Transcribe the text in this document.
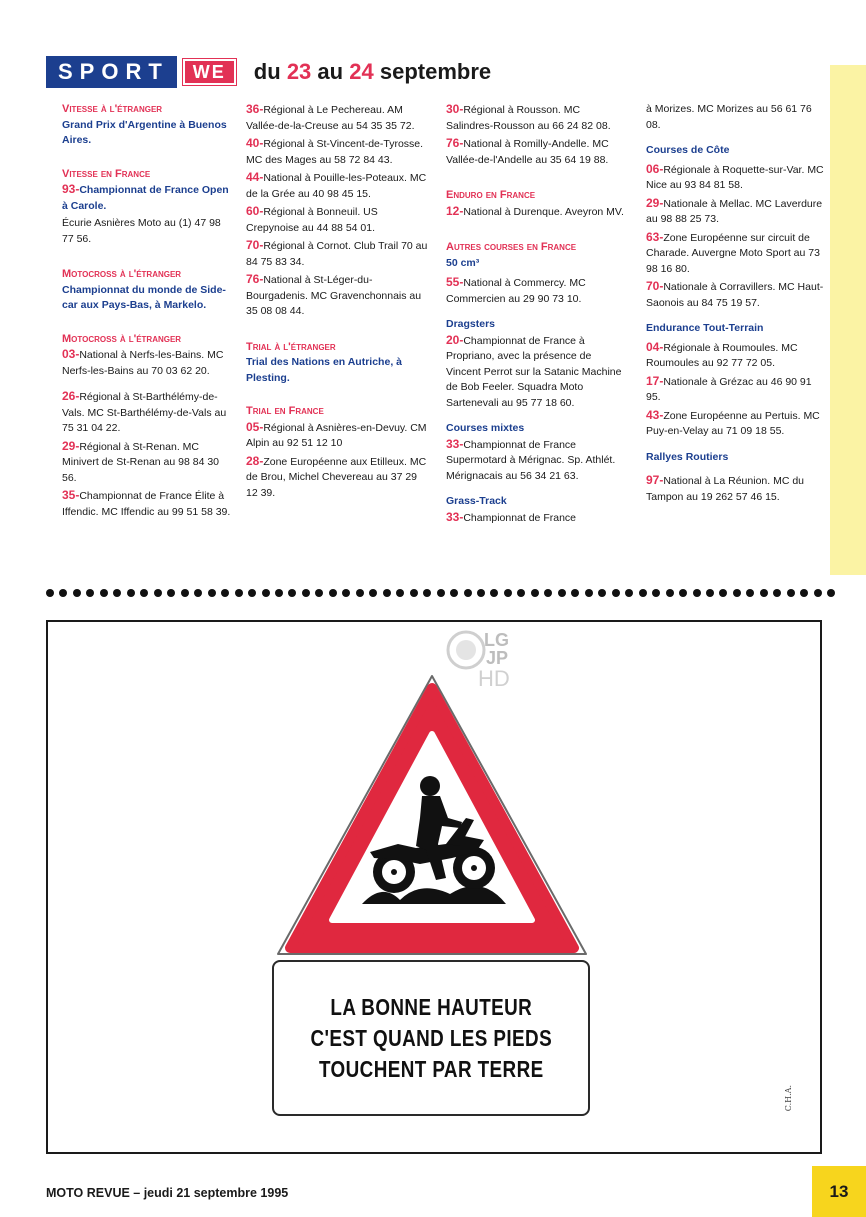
SPORT	WE	du 23 au 24 septembre
Vitesse à l'étranger
Grand Prix d'Argentine à Buenos Aires.
Vitesse en France
93-Championnat de France Open à Carole.
Écurie Asnières Moto au (1) 47 98 77 56.
Motocross à l'étranger
Championnat du monde de Side-car aux Pays-Bas, à Markelo.
Motocross à l'étranger
03-National à Nerfs-les-Bains. MC Nerfs-les-Bains au 70 03 62 20.
26-Régional à St-Barthélémy-de-Vals. MC St-Barthélémy-de-Vals au 75 31 04 22.
29-Régional à St-Renan. MC Minivert de St-Renan au 98 84 30 56.
35-Championnat de France Élite à Iffendic. MC Iffendic au 99 51 58 39.
36-Régional à Le Pechereau. AM Vallée-de-la-Creuse au 54 35 35 72.
40-Régional à St-Vincent-de-Tyrosse. MC des Mages au 58 72 84 43.
44-National à Pouille-les-Poteaux. MC de la Grée au 40 98 45 15.
60-Régional à Bonneuil. US Crepynoise au 44 88 54 01.
70-Régional à Cornot. Club Trail 70 au 84 75 83 34.
76-National à St-Léger-du-Bourgadenis. MC Gravenchonnais au 35 08 08 44.
Trial à l'étranger
Trial des Nations en Autriche, à Plesting.
Trial en France
05-Régional à Asnières-en-Devuy. CM Alpin au 92 51 12 10
28-Zone Européenne aux Etilleux. MC de Brou, Michel Chevereau au 37 29 12 39.
30-Régional à Rousson. MC Salindres-Rousson au 66 24 82 08.
76-National à Romilly-Andelle. MC Vallée-de-l'Andelle au 35 64 19 88.
Enduro en France
12-National à Durenque. Aveyron MV.
Autres courses en France
50 cm³
55-National à Commercy. MC Commercien au 29 90 73 10.
Dragsters
20-Championnat de France à Propriano, avec la présence de Vincent Perrot sur la Satanic Machine de Bob Feeler. Squadra Moto Sartenevali au 95 77 18 60.
Courses mixtes
33-Championnat de France Supermotard à Mérignac. Sp. Athlét. Mérignacais au 56 34 21 63.
Grass-Track
33-Championnat de France
à Morizes. MC Morizes au 56 61 76 08.
Courses de Côte
06-Régionale à Roquette-sur-Var. MC Nice au 93 84 81 58.
29-Nationale à Mellac. MC Laverdure au 98 88 25 73.
63-Zone Européenne sur circuit de Charade. Auvergne Moto Sport au 73 98 16 80.
70-Nationale à Corravillers. MC Haut-Saonois au 84 75 19 57.
Endurance Tout-Terrain
04-Régionale à Roumoules. MC Roumoules au 92 77 72 05.
17-Nationale à Grézac au 46 90 91 95.
43-Zone Européenne au Pertuis. MC Puy-en-Velay au 71 09 18 55.
Rallyes Routiers
97-National à La Réunion. MC du Tampon au 19 262 57 46 15.
LG
JP
HD
LA BONNE HAUTEUR
C'EST QUAND LES PIEDS
TOUCHENT PAR TERRE
C.H.A.
MOTO REVUE – jeudi 21 septembre 1995	13
